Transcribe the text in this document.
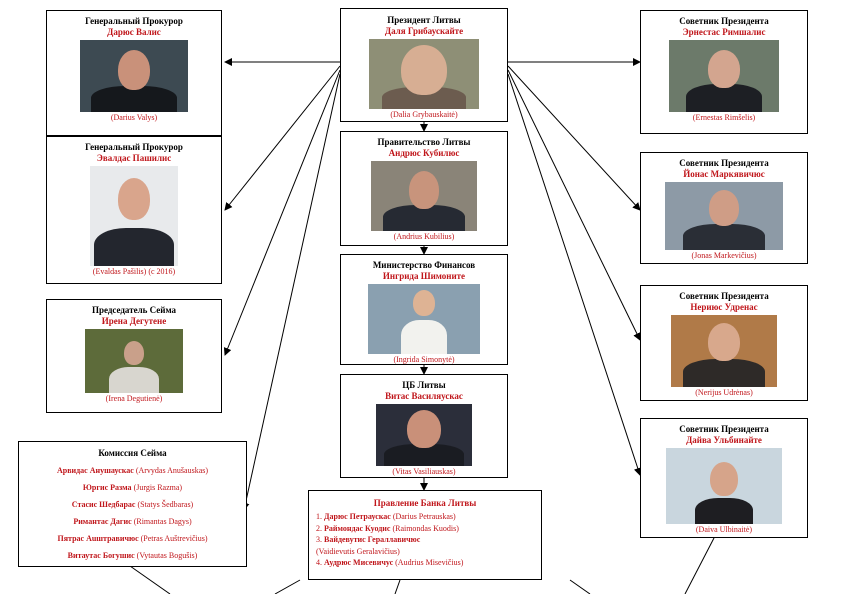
Генеральный Прокурор
Дарюс Валис
(Darius Valys)
Генеральный Прокурор
Эвалдас Пашилис
(Evaldas Pašilis) (с 2016)
Председатель Сейма
Ирена Дегутене
(Irena Degutienė)
Комиссия Сейма
Арвидас Анушаускас (Arvydas Anušauskas)
Юргис Разма (Jurgis Razma)
Стасис Шедбарас (Statys Šedbaras)
Римантас Дагис (Rimantas Dagys)
Пятрас Auштравичюс (Petras Auštrevičius)
Витаутас Богушис (Vytautas Bogušis)
Президент Литвы
Даля Грибаускайте
(Dalia Grybauskaitė)
Правительство Литвы
Андрюс Кубилюс
(Andrius Kubilius)
Министерство Финансов
Ингрида Шимоните
(Ingrida Simonytė)
ЦБ Литвы
Витас Василяускас
(Vitas Vasiliauskas)
Правление Банка Литвы
1. Дарюс Петраускас (Darius Petrauskas)
2. Раймондас Куодис (Raimondas Kuodis)
3. Вайдевутис Гераллавичюс
(Vaidievutis Geralavičius)
4. Аудрюс Мисевичус (Audrius Misevičius)
Советник Президента
Эрнестас Римшалис
(Ernestas Rimšelis)
Советник Президента
Йонас Маркявичюс
(Jonas Markevičius)
Советник Президента
Нериюс Удренас
(Nerijus Udrėnas)
Советник Президента
Дайва Ульбинайте
(Daiva Ulbinaitė)
